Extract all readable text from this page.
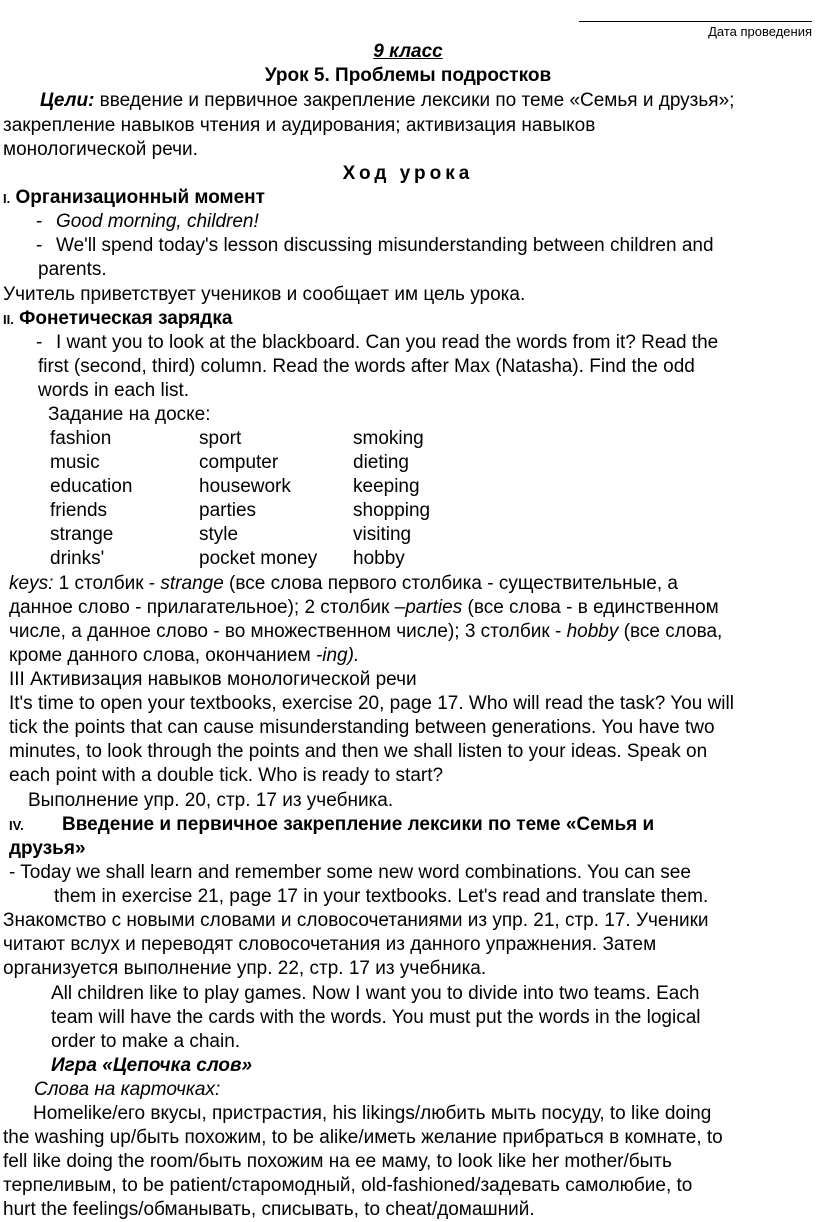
Дата проведения
9 класс
Урок 5. Проблемы подростков
Цели: введение и первичное закрепление лексики по теме «Семья и друзья»;
закрепление навыков чтения и аудирования; активизация навыков
монологической речи.
Ход урока
I. Организационный момент
- Good morning, children!
- We'll spend today's lesson discussing misunderstanding between children and
parents.
Учитель приветствует учеников и сообщает им цель урока.
II. Фонетическая зарядка
- I want you to look at the blackboard. Can you read the words from it? Read the
first (second, third) column. Read the words after Max (Natasha). Find the odd
words in each list.
Задание на доске:
fashion
music
education
friends
strange
drinks'
sport
computer
housework
parties
style
pocket money
smoking
dieting
keeping
shopping
visiting
hobby
keys: 1 столбик - strange (все слова первого столбика - существительные, а
данное слово - прилагательное); 2 столбик –parties (все слова - в единственном
числе, а данное слово - во множественном числе); 3 столбик - hobby (все слова,
кроме данного слова, окончанием -ing).
III Активизация навыков монологической речи
It's time to open your textbooks, exercise 20, page 17. Who will read the task? You will
tick the points that can cause misunderstanding between generations. You have two
minutes, to look through the points and then we shall listen to your ideas. Speak on
each point with a double tick. Who is ready to start?
Выполнение упр. 20, стр. 17 из учебника.
IV. Введение и первичное закрепление лексики по теме «Семья и
друзья»
- Today we shall learn and remember some new word combinations. You can see
them in exercise 21, page 17 in your textbooks. Let's read and translate them.
Знакомство с новыми словами и словосочетаниями из упр. 21, стр. 17. Ученики
читают вслух и переводят словосочетания из данного упражнения. Затем
организуется выполнение упр. 22, стр. 17 из учебника.
All children like to play games. Now I want you to divide into two teams. Each
team will have the cards with the words. You must put the words in the logical
order to make a chain.
Игра «Цепочка слов»
Слова на карточках:
Homelike/его вкусы, пристрастия, his likings/любить мыть посуду, to like doing
the washing up/быть похожим, to be alike/иметь желание прибраться в комнате, to
fell like doing the room/быть похожим на ее маму, to look like her mother/быть
терпеливым, to be patient/старомодный, old-fashioned/задевать самолюбие, to
hurt the feelings/обманывать, списывать, to cheat/домашний.
